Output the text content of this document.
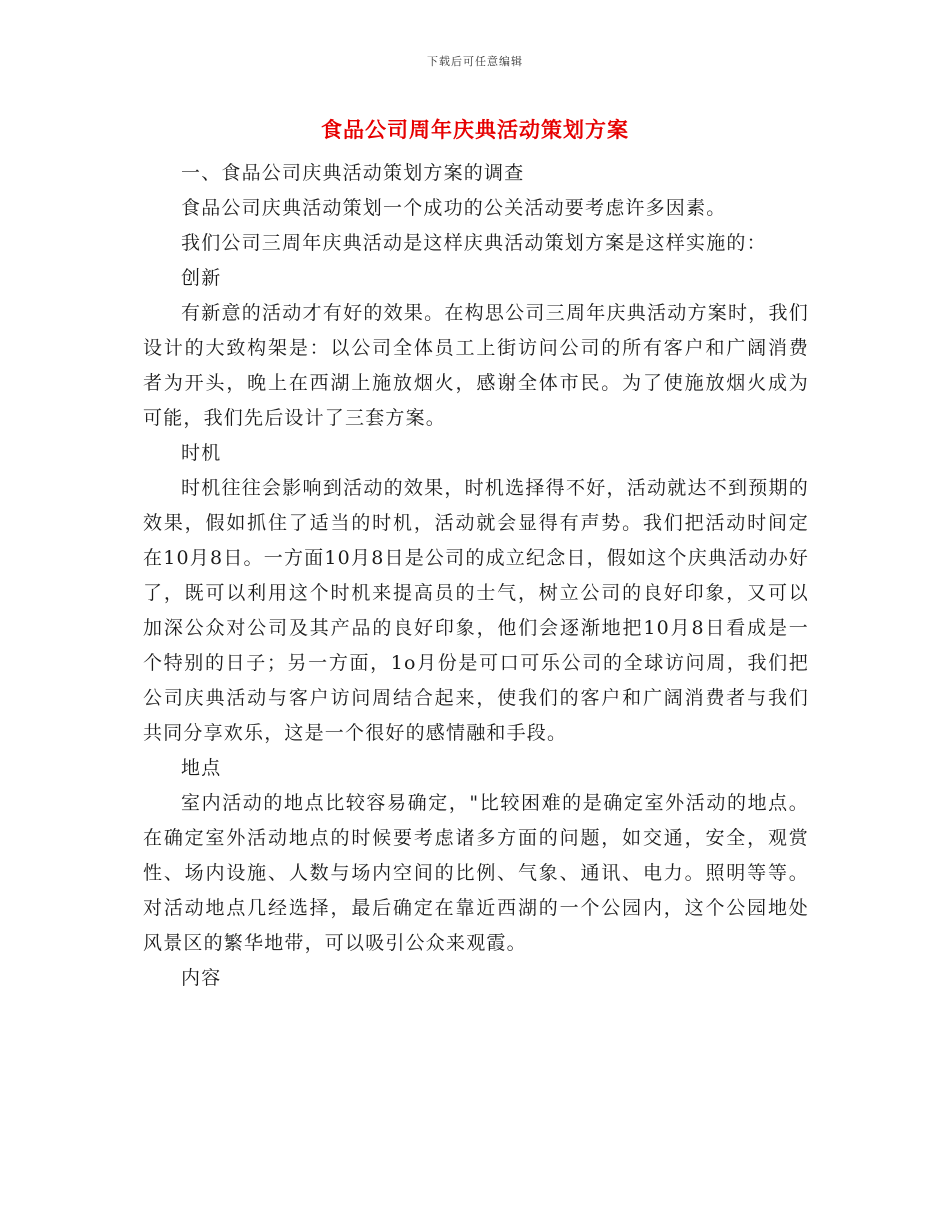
下载后可任意编辑
食品公司周年庆典活动策划方案

一、食品公司庆典活动策划方案的调查

食品公司庆典活动策划一个成功的公关活动要考虑许多因素。

我们公司三周年庆典活动是这样庆典活动策划方案是这样实施的：

创新

有新意的活动才有好的效果。在构思公司三周年庆典活动方案时，我们设计的大致构架是：以公司全体员工上街访问公司的所有客户和广阔消费者为开头，晚上在西湖上施放烟火，感谢全体市民。为了使施放烟火成为可能，我们先后设计了三套方案。

时机

时机往往会影响到活动的效果，时机选择得不好，活动就达不到预期的效果，假如抓住了适当的时机，活动就会显得有声势。我们把活动时间定在10月8日。一方面10月8日是公司的成立纪念日，假如这个庆典活动办好了，既可以利用这个时机来提高员的士气，树立公司的良好印象，又可以加深公众对公司及其产品的良好印象，他们会逐渐地把10月8日看成是一个特别的日子；另一方面，1o月份是可口可乐公司的全球访问周，我们把公司庆典活动与客户访问周结合起来，使我们的客户和广阔消费者与我们共同分享欢乐，这是一个很好的感情融和手段。

地点

室内活动的地点比较容易确定，"比较困难的是确定室外活动的地点。在确定室外活动地点的时候要考虑诸多方面的问题，如交通，安全，观赏性、场内设施、人数与场内空间的比例、气象、通讯、电力。照明等等。对活动地点几经选择，最后确定在靠近西湖的一个公园内，这个公园地处风景区的繁华地带，可以吸引公众来观霞。

内容
